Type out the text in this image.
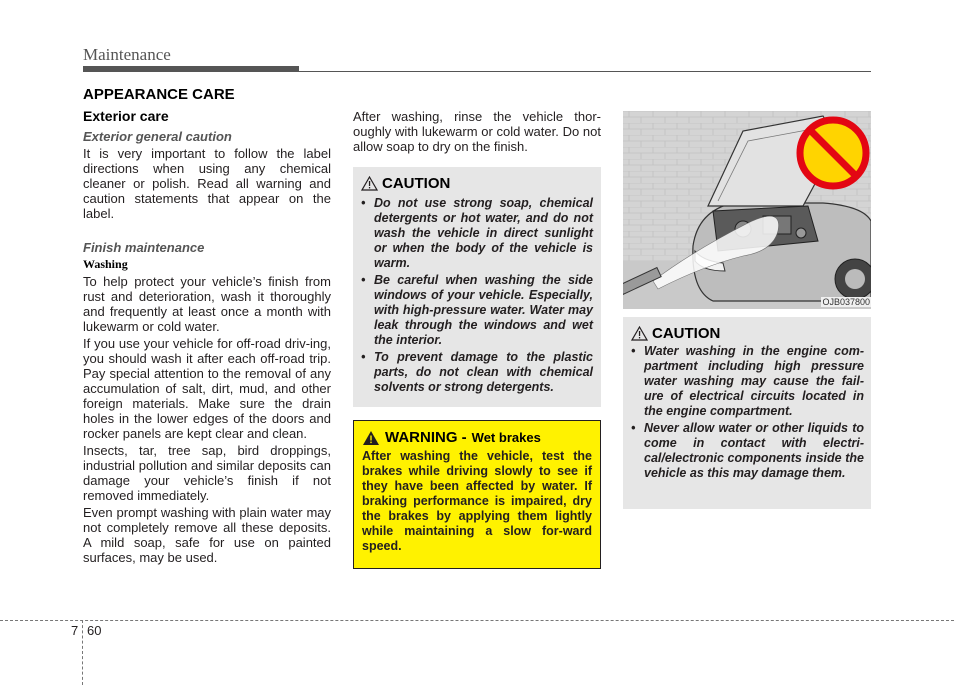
Maintenance
APPEARANCE CARE
Exterior care
Exterior general caution

It is very important to follow the label directions when using any chemical cleaner or polish. Read all warning and caution statements that appear on the label.

Finish maintenance
Washing

To help protect your vehicle’s finish from rust and deterioration, wash it thoroughly and frequently at least once a month with lukewarm or cold water.

If you use your vehicle for off-road driv-ing, you should wash it after each off-road trip. Pay special attention to the removal of any accumulation of salt, dirt, mud, and other foreign materials. Make sure the drain holes in the lower edges of the doors and rocker panels are kept clear and clean.

Insects, tar, tree sap, bird droppings, industrial pollution and similar deposits can damage your vehicle’s finish if not removed immediately.

Even prompt washing with plain water may not completely remove all these deposits. A mild soap, safe for use on painted surfaces, may be used.

After washing, rinse the vehicle thor-oughly with lukewarm or cold water. Do not allow soap to dry on the finish.
CAUTION
• Do not use strong soap, chemical detergents or hot water, and do not wash the vehicle in direct sunlight or when the body of the vehicle is warm.
• Be careful when washing the side windows of your vehicle. Especially, with high-pressure water. Water may leak through the windows and wet the interior.
• To prevent damage to the plastic parts, do not clean with chemical solvents or strong detergents.
WARNING - Wet brakes
After washing the vehicle, test the brakes while driving slowly to see if they have been affected by water. If braking performance is impaired, dry the brakes by applying them lightly while maintaining a slow for-ward speed.
OJB037800
CAUTION
• Water washing in the engine com-partment including high pressure water washing may cause the fail-ure of electrical circuits located in the engine compartment.
• Never allow water or other liquids to come in contact with electri-cal/electronic components inside the vehicle as this may damage them.
7 60
